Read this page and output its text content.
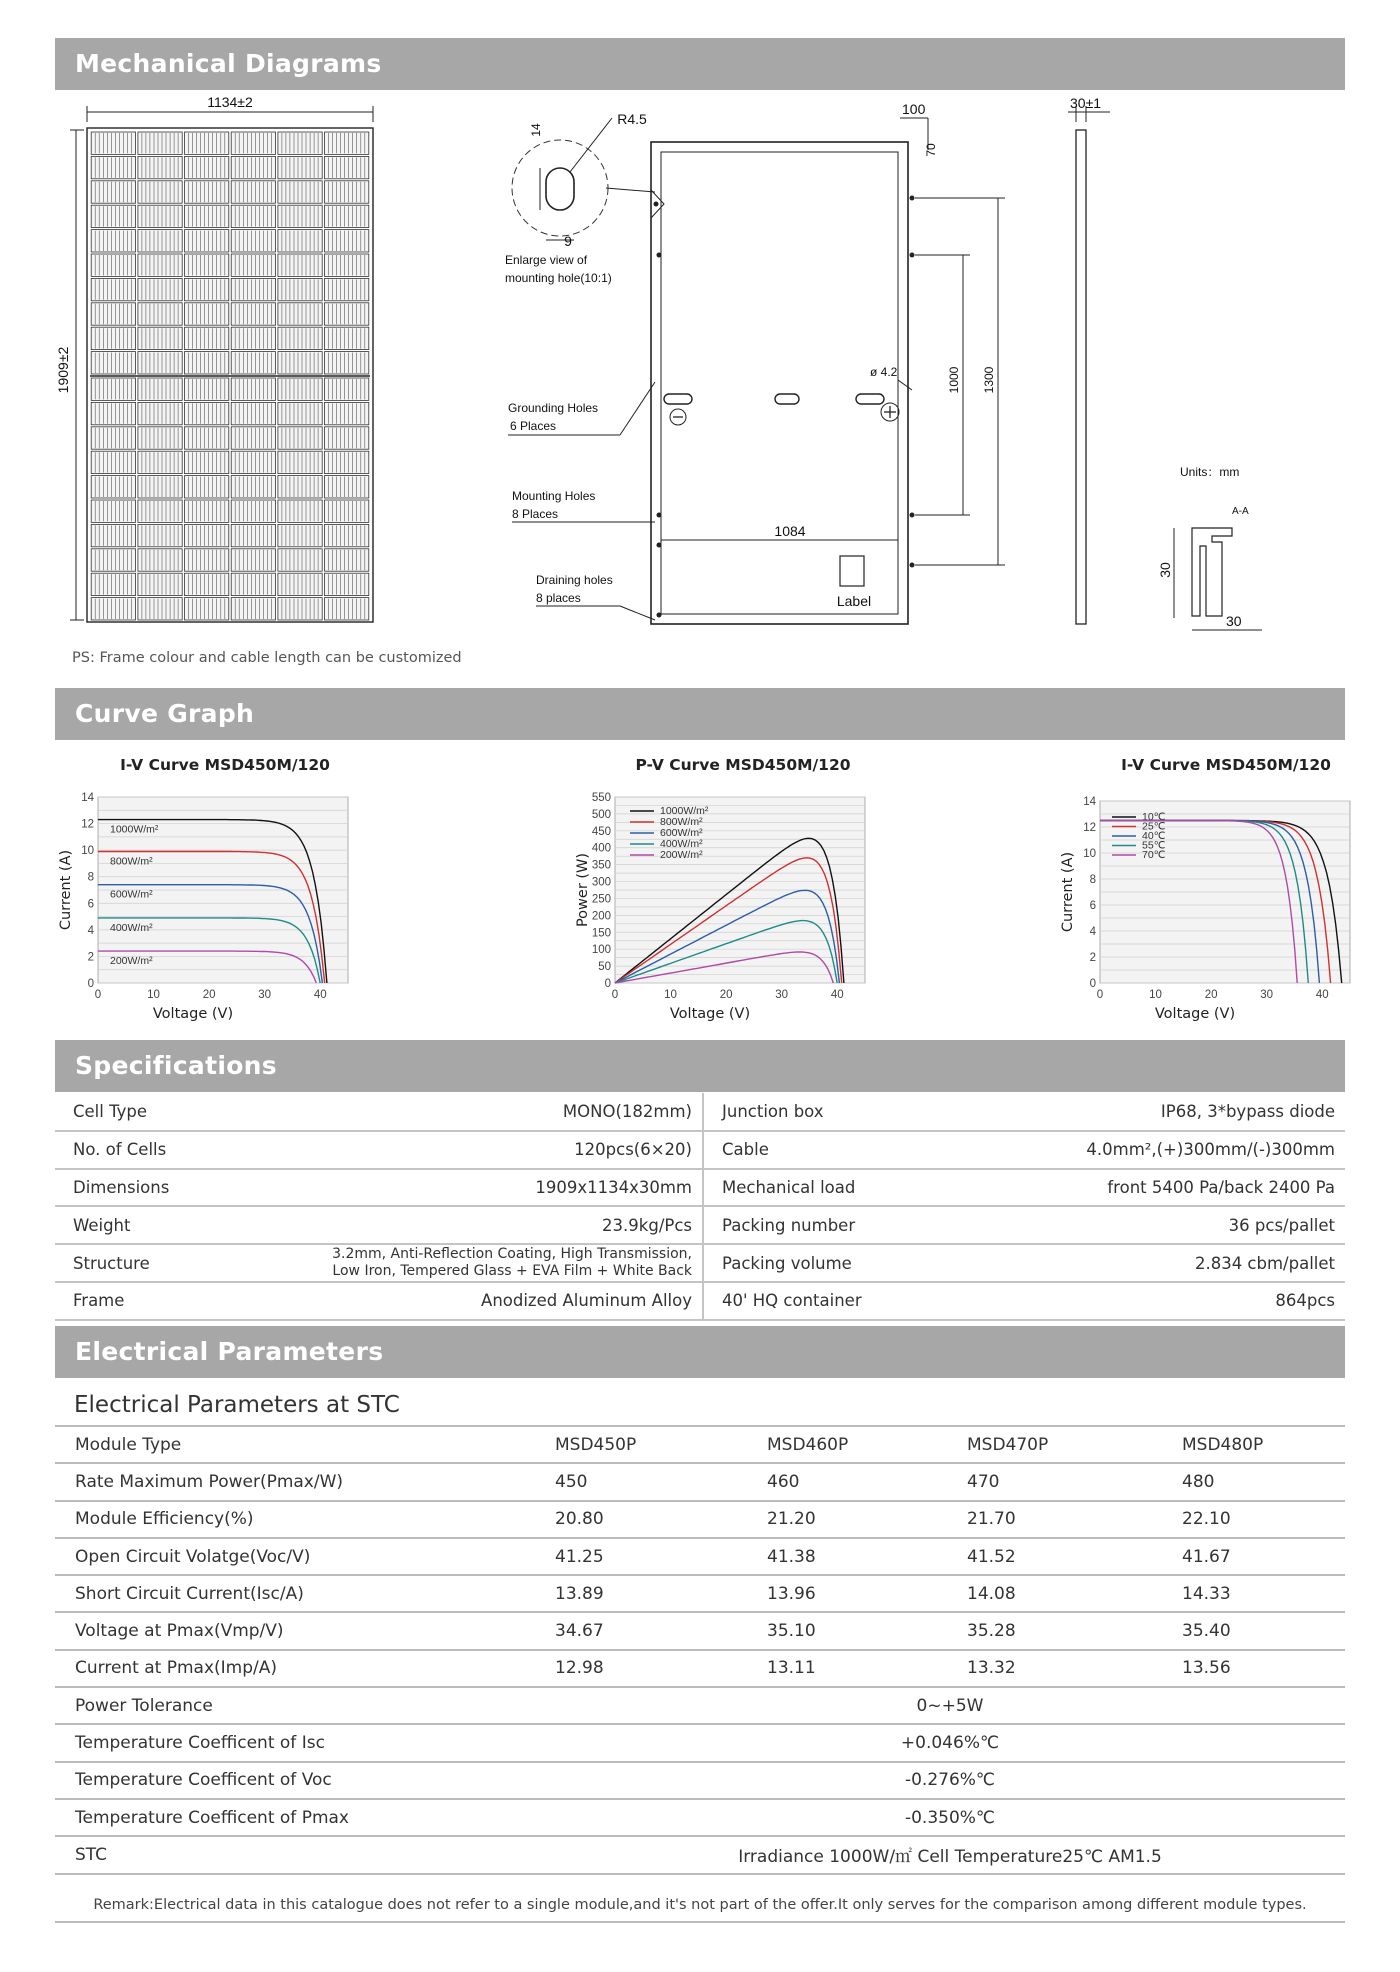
Mechanical Diagrams
Curve Graph
Specifications
Electrical Parameters
1134±2
1909±2
14
9
R4.5
Enlarge view of
mounting hole(10:1)
100
70
1000 1300
ø 4.2
1084
Label
Grounding Holes
6 Places
Mounting Holes
8 Places
Draining holes
8 places
30±1
Units：mm
A-A
30
30
PS: Frame colour and cable length can be customized
I-V Curve MSD450M/120
0
2
4
6
8
10
12
14
0	10	20	30	40
Voltage (V)
Current (A)
1000W/m²
800W/m²
600W/m²
400W/m²
200W/m²
P-V Curve MSD450M/120
0
50
100
150
200
250
300
350
400
450
500
550
0	10	20	30	40
Voltage (V)
Power (W)
1000W/m²
800W/m²
600W/m²
400W/m²
200W/m²
I-V Curve MSD450M/120
0
2
4
6
8
10
12
14
0	10	20	30	40
Voltage (V)
Current (A)
10℃
25℃
40℃
55℃
70℃
Cell Type	MONO(182mm)	Junction box	IP68, 3*bypass diode
No. of Cells	120pcs(6×20)	Cable	4.0mm²,(+)300mm/(-)300mm
Dimensions	1909x1134x30mm	Mechanical load	front 5400 Pa/back 2400 Pa
Weight	23.9kg/Pcs	Packing number	36 pcs/pallet
Structure	3.2mm, Anti-Reflection Coating, High Transmission,
Low Iron, Tempered Glass + EVA Film + White Back	Packing volume	2.834 cbm/pallet
Frame	Anodized Aluminum Alloy	40' HQ container	864pcs
Electrical Parameters at STC
Module Type	MSD450P	MSD460P	MSD470P	MSD480P
Rate Maximum Power(Pmax/W)	450	460	470	480
Module Efficiency(%)	20.80	21.20	21.70	22.10
Open Circuit Volatge(Voc/V)	41.25	41.38	41.52	41.67
Short Circuit Current(Isc/A)	13.89	13.96	14.08	14.33
Voltage at Pmax(Vmp/V)	34.67	35.10	35.28	35.40
Current at Pmax(Imp/A)	12.98	13.11	13.32	13.56
Power Tolerance	0~+5W			
Temperature Coefficent of Isc	+0.046%℃			
Temperature Coefficent of Voc	-0.276%℃			
Temperature Coefficent of Pmax	-0.350%℃			
STC	Irradiance 1000W/㎡ Cell Temperature25℃ AM1.5			
Remark:Electrical data in this catalogue does not refer to a single module,and it's not part of the offer.It only serves for the comparison among different module types.
